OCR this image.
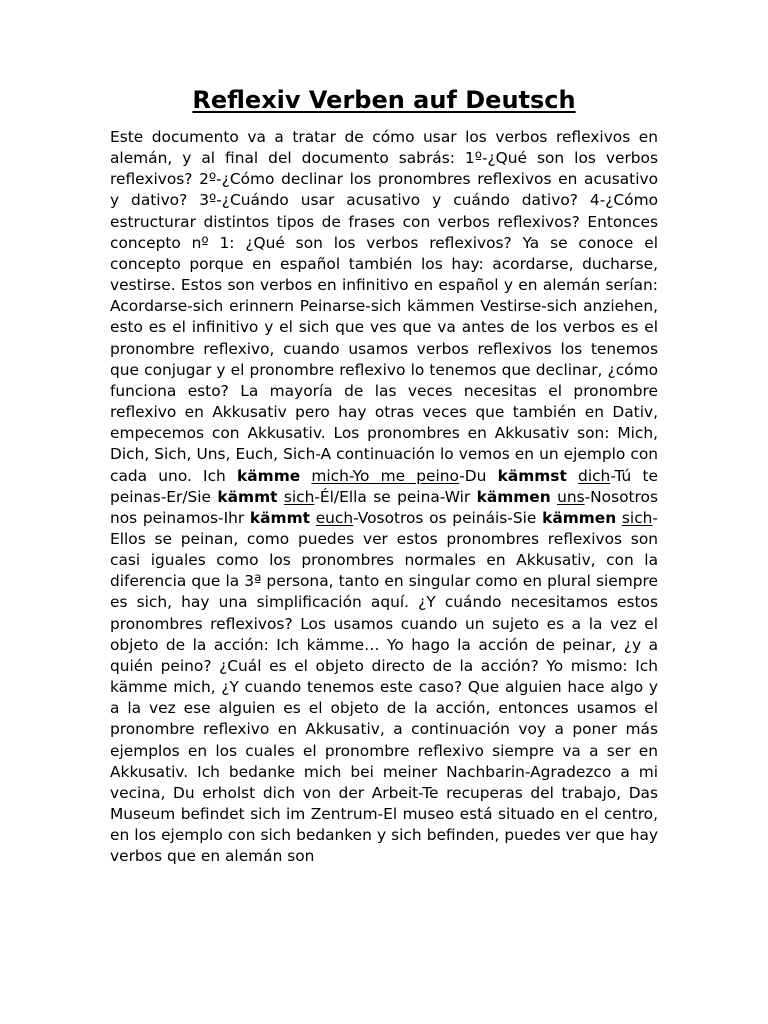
Reflexiv Verben auf Deutsch

Este documento va a tratar de cómo usar los verbos reflexivos en alemán, y al final del documento sabrás: 1º-¿Qué son los verbos reflexivos? 2º-¿Cómo declinar los pronombres reflexivos en acusativo y dativo? 3º-¿Cuándo usar acusativo y cuándo dativo? 4-¿Cómo estructurar distintos tipos de frases con verbos reflexivos? Entonces concepto nº 1: ¿Qué son los verbos reflexivos? Ya se conoce el concepto porque en español también los hay: acordarse, ducharse, vestirse. Estos son verbos en infinitivo en español y en alemán serían: Acordarse-sich erinnern Peinarse-sich kämmen Vestirse-sich anziehen, esto es el infinitivo y el sich que ves que va antes de los verbos es el pronombre reflexivo, cuando usamos verbos reflexivos los tenemos que conjugar y el pronombre reflexivo lo tenemos que declinar, ¿cómo funciona esto? La mayoría de las veces necesitas el pronombre reflexivo en Akkusativ pero hay otras veces que también en Dativ, empecemos con Akkusativ. Los pronombres en Akkusativ son: Mich, Dich, Sich, Uns, Euch, Sich-A continuación lo vemos en un ejemplo con cada uno. Ich kämme mich-Yo me peino-Du kämmst dich-Tú te peinas-Er/Sie kämmt sich-Él/Ella se peina-Wir kämmen uns-Nosotros nos peinamos-Ihr kämmt euch-Vosotros os peináis-Sie kämmen sich-Ellos se peinan, como puedes ver estos pronombres reflexivos son casi iguales como los pronombres normales en Akkusativ, con la diferencia que la 3ª persona, tanto en singular como en plural siempre es sich, hay una simplificación aquí. ¿Y cuándo necesitamos estos pronombres reflexivos? Los usamos cuando un sujeto es a la vez el objeto de la acción: Ich kämme… Yo hago la acción de peinar, ¿y a quién peino? ¿Cuál es el objeto directo de la acción? Yo mismo: Ich kämme mich, ¿Y cuando tenemos este caso? Que alguien hace algo y a la vez ese alguien es el objeto de la acción, entonces usamos el pronombre reflexivo en Akkusativ, a continuación voy a poner más ejemplos en los cuales el pronombre reflexivo siempre va a ser en Akkusativ. Ich bedanke mich bei meiner Nachbarin-Agradezco a mi vecina, Du erholst dich von der Arbeit-Te recuperas del trabajo, Das Museum befindet sich im Zentrum-El museo está situado en el centro, en los ejemplo con sich bedanken y sich befinden, puedes ver que hay verbos que en alemán son
